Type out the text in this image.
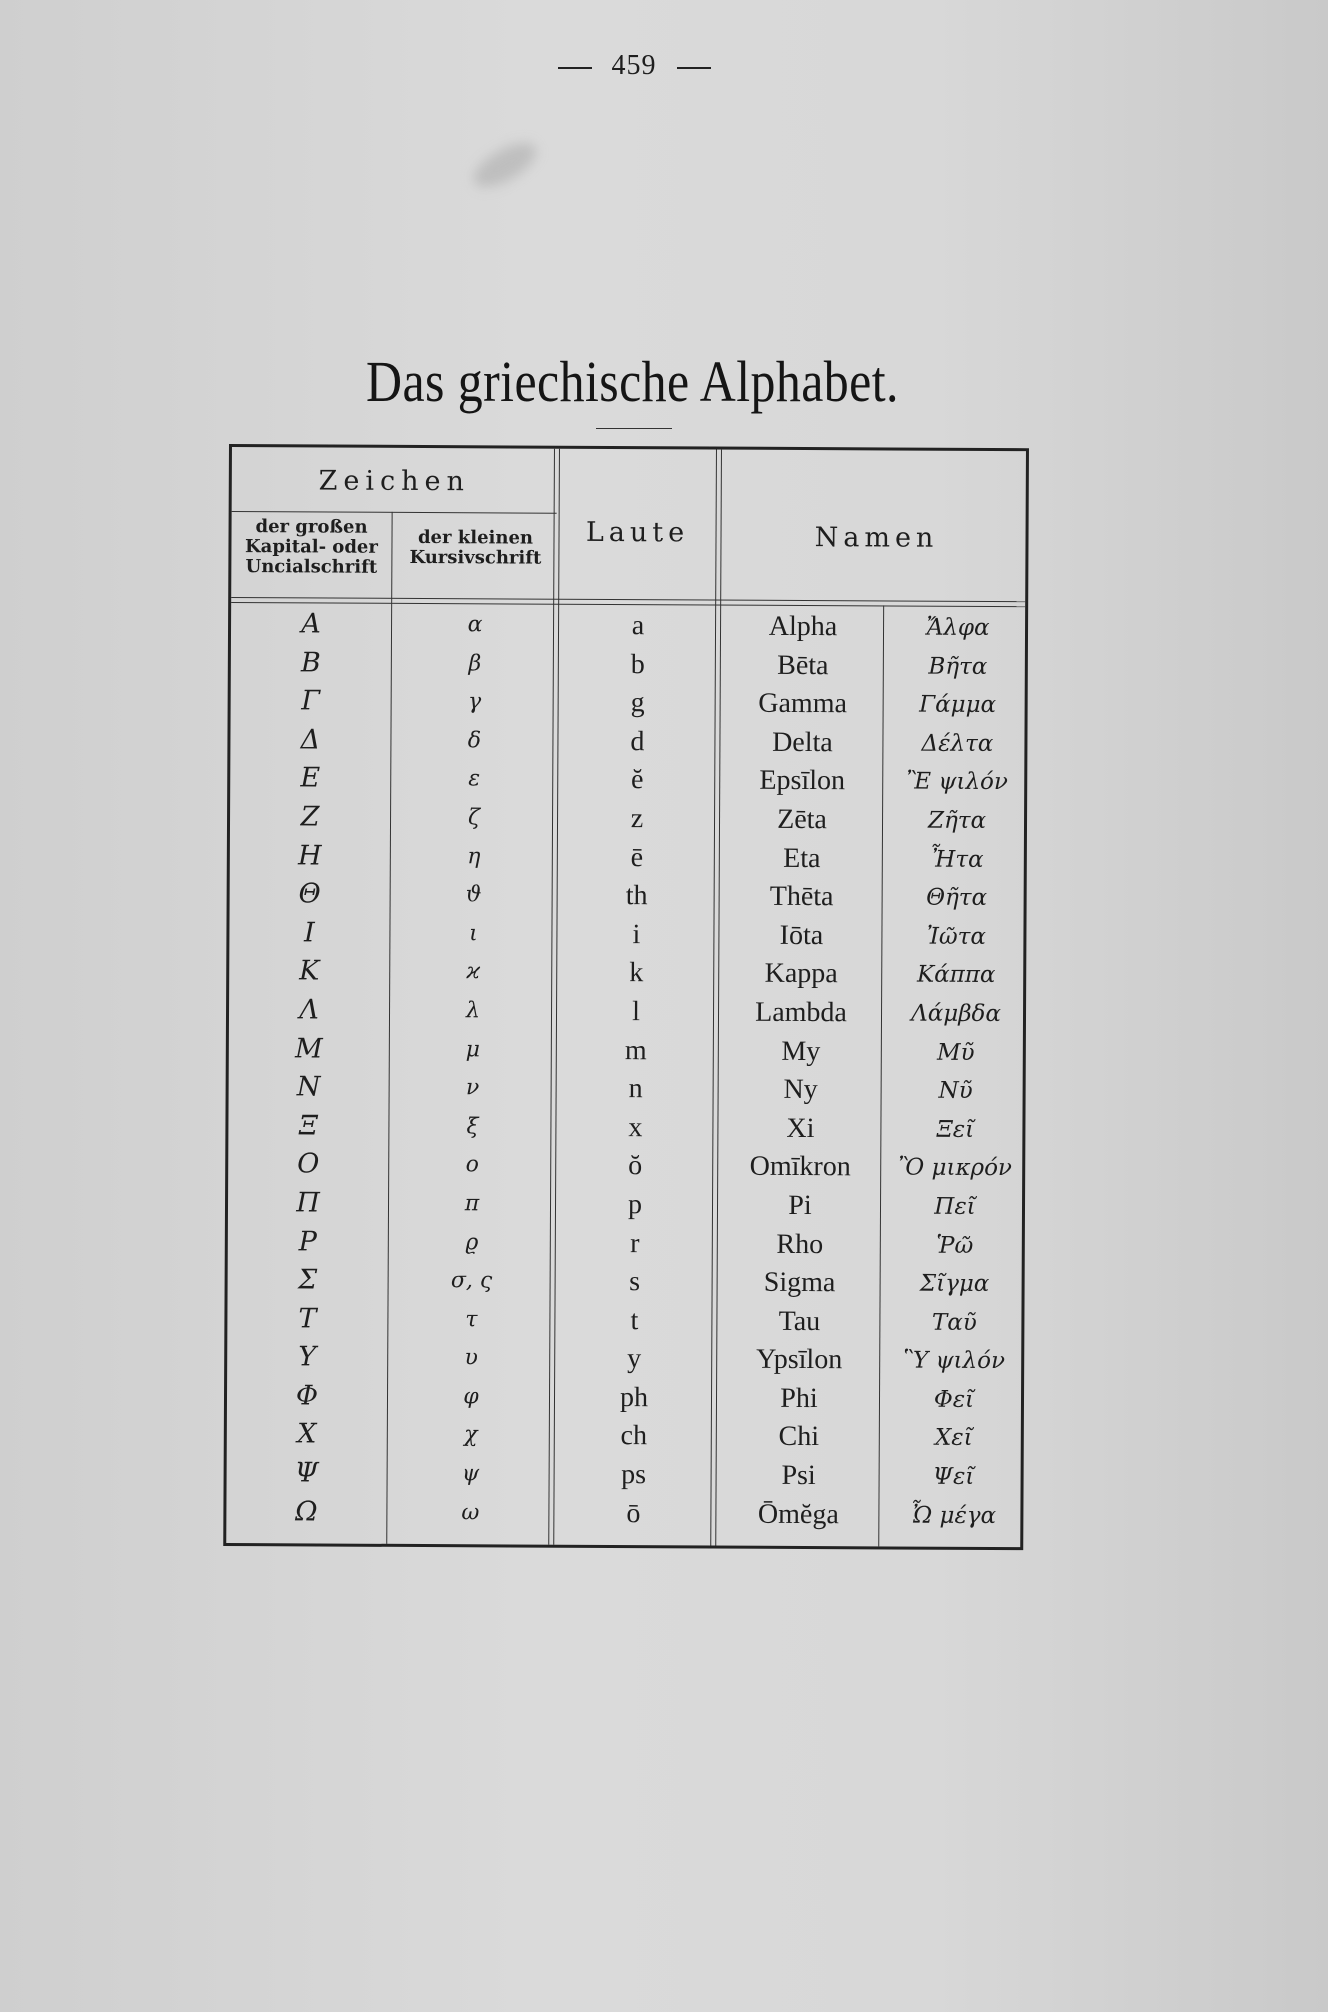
459
Das griechische Alphabet.
Zeichen
der großen
Kapital- oder
Uncialschrift
der kleinen
Kursivschrift
Laute	Namen
Α	α	a	Alpha	Ἄλφα
Β	β	b	Bēta	Βῆτα
Γ	γ	g	Gamma	Γάμμα
Δ	δ	d	Delta	Δέλτα
Ε	ε	ĕ	Epsīlon	Ἒ ψιλόν
Ζ	ζ	z	Zēta	Ζῆτα
Η	η	ē	Eta	Ἦτα
Θ	ϑ	th	Thēta	Θῆτα
Ι	ι	i	Iōta	Ἰῶτα
Κ	ϰ	k	Kappa	Κάππα
Λ	λ	l	Lambda	Λάμβδα
Μ	μ	m	My	Μῦ
Ν	ν	n	Ny	Νῦ
Ξ	ξ	x	Xi	Ξεῖ
Ο	ο	ŏ	Omīkron	Ὂ μικρόν
Π	π	p	Pi	Πεῖ
Ρ	ϱ	r	Rho	Ῥῶ
Σ	σ, ς	s	Sigma	Σῖγμα
Τ	τ	t	Tau	Ταῦ
Υ	υ	y	Ypsīlon	Ὓ ψιλόν
Φ	φ	ph	Phi	Φεῖ
Χ	χ	ch	Chi	Χεῖ
Ψ	ψ	ps	Psi	Ψεῖ
Ω	ω	ō	Ōmĕga	Ὦ μέγα
